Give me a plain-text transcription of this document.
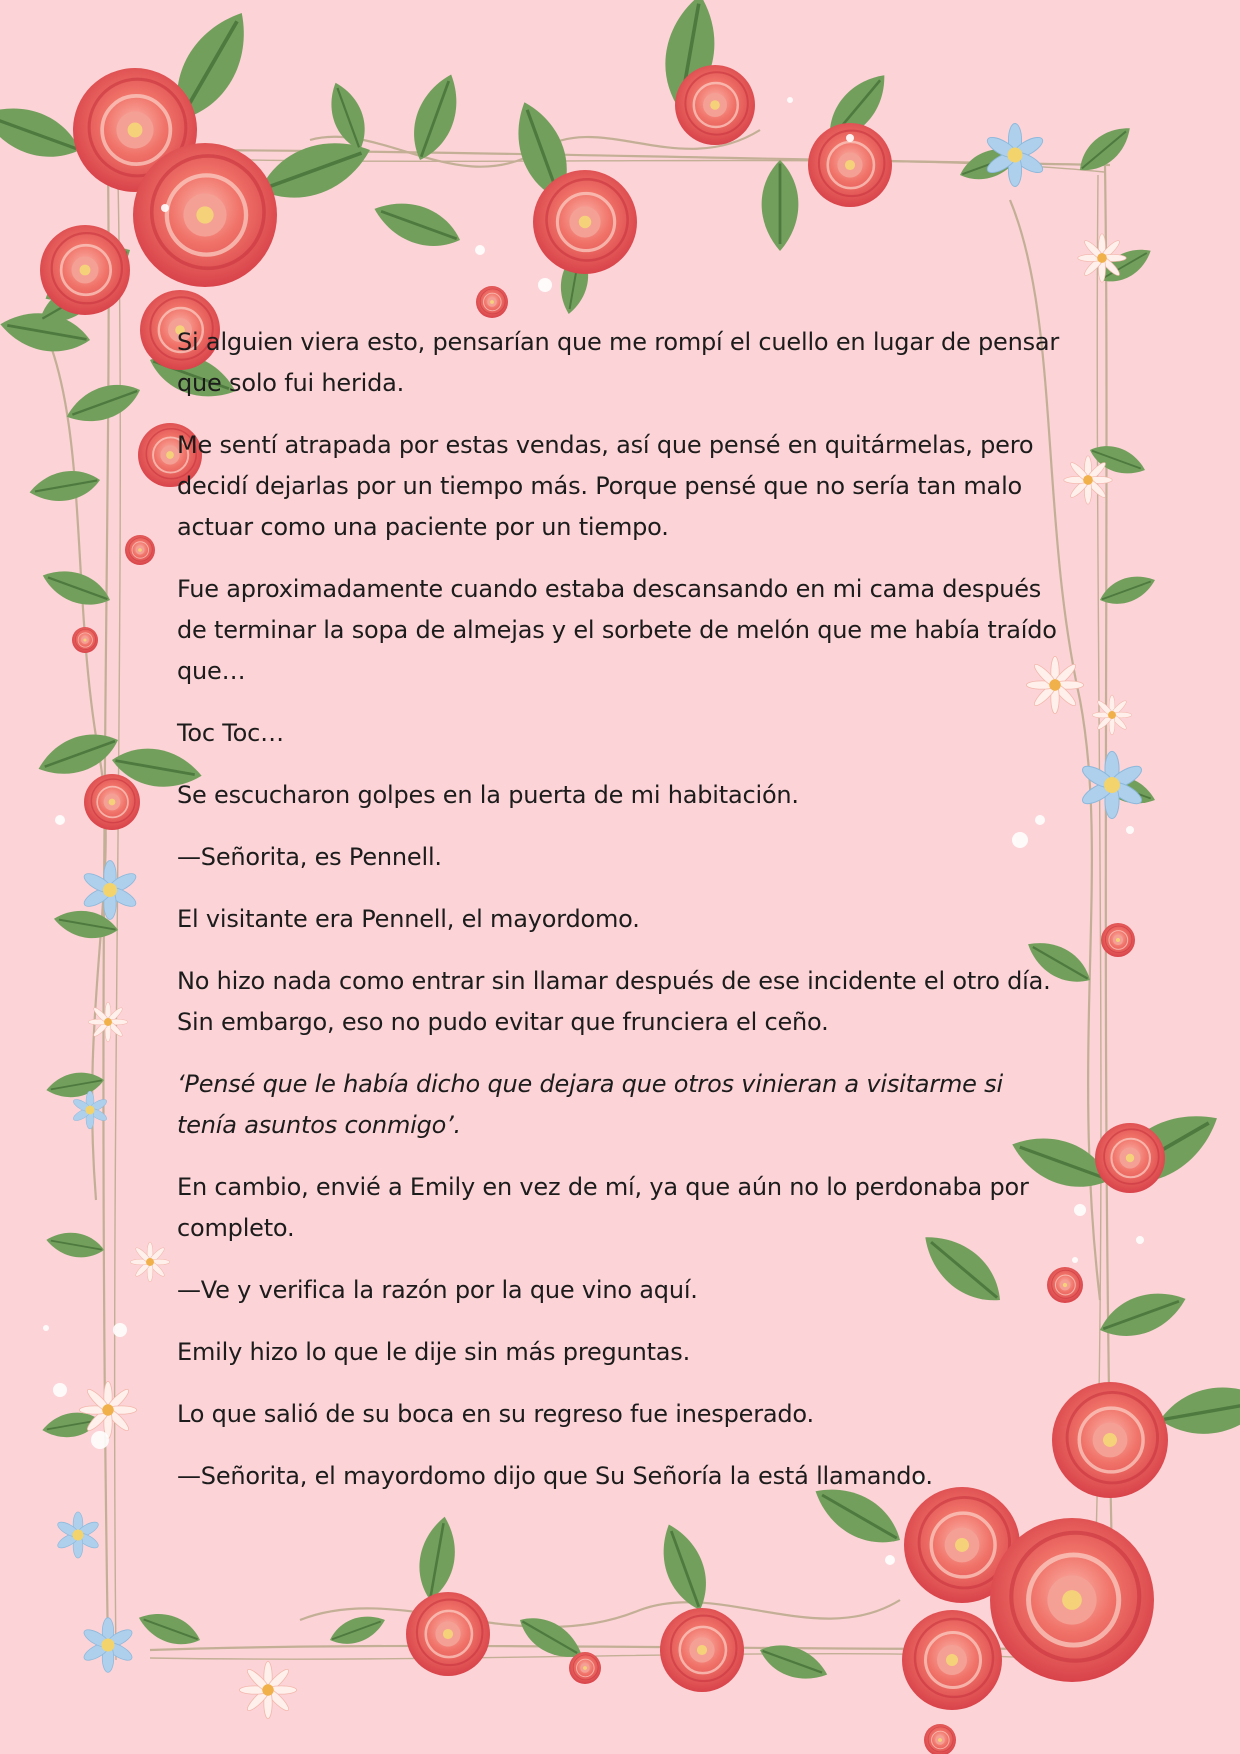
Si alguien viera esto, pensarían que me rompí el cuello en lugar de pensar que solo fui herida.

Me sentí atrapada por estas vendas, así que pensé en quitármelas, pero decidí dejarlas por un tiempo más. Porque pensé que no sería tan malo actuar como una paciente por un tiempo.

Fue aproximadamente cuando estaba descansando en mi cama después de terminar la sopa de almejas y el sorbete de melón que me había traído que…

Toc Toc…

Se escucharon golpes en la puerta de mi habitación.

—Señorita, es Pennell.

El visitante era Pennell, el mayordomo.

No hizo nada como entrar sin llamar después de ese incidente el otro día. Sin embargo, eso no pudo evitar que frunciera el ceño.

‘Pensé que le había dicho que dejara que otros vinieran a visitarme si tenía asuntos conmigo’.

En cambio, envié a Emily en vez de mí, ya que aún no lo perdonaba por completo.

—Ve y verifica la razón por la que vino aquí.

Emily hizo lo que le dije sin más preguntas.

Lo que salió de su boca en su regreso fue inesperado.

—Señorita, el mayordomo dijo que Su Señoría la está llamando.
